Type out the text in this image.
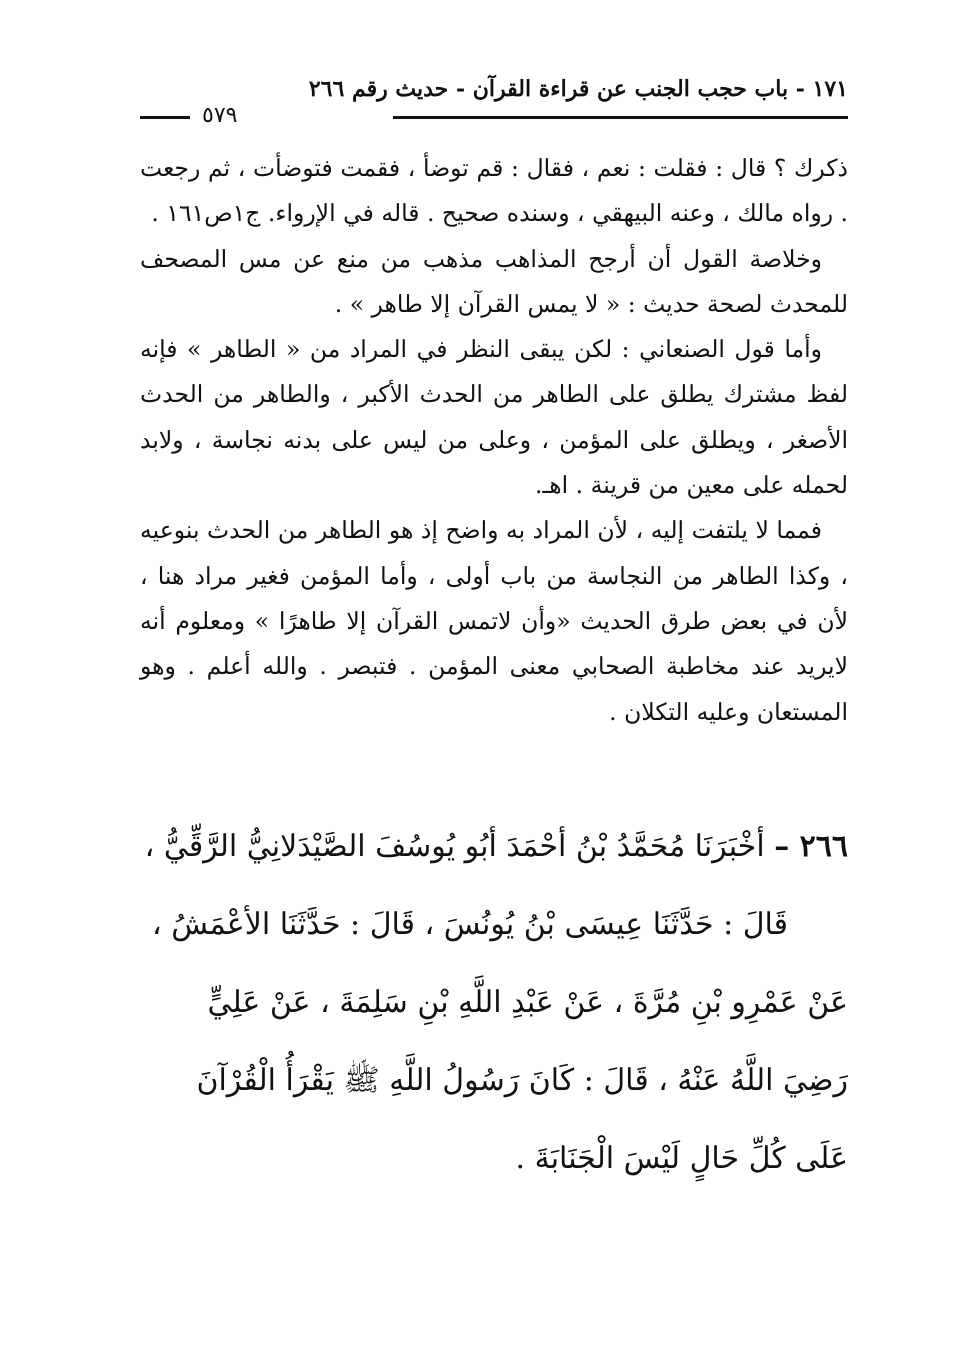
١٧١ - باب حجب الجنب عن قراءة القرآن - حديث رقم ٢٦٦
٥٧٩

ذكرك ؟ قال : فقلت : نعم ، فقال : قم توضأ ، فقمت فتوضأت ، ثم رجعت . رواه مالك ، وعنه البيهقي ، وسنده صحيح . قاله في الإرواء. ج١ص١٦١ .

وخلاصة القول أن أرجح المذاهب مذهب من منع عن مس المصحف للمحدث لصحة حديث : « لا يمس القرآن إلا طاهر » .

وأما قول الصنعاني : لكن يبقى النظر في المراد من « الطاهر » فإنه لفظ مشترك يطلق على الطاهر من الحدث الأكبر ، والطاهر من الحدث الأصغر ، ويطلق على المؤمن ، وعلى من ليس على بدنه نجاسة ، ولابد لحمله على معين من قرينة . اهـ.

فمما لا يلتفت إليه ، لأن المراد به واضح إذ هو الطاهر من الحدث بنوعيه ، وكذا الطاهر من النجاسة من باب أولى ، وأما المؤمن فغير مراد هنا ، لأن في بعض طرق الحديث «وأن لاتمس القرآن إلا طاهرًا » ومعلوم أنه لايريد عند مخاطبة الصحابي معنى المؤمن . فتبصر . والله أعلم . وهو المستعان وعليه التكلان .

٢٦٦ – أخْبَرَنَا مُحَمَّدُ بْنُ أحْمَدَ أبُو يُوسُفَ الصَّيْدَلانِيُّ الرَّقِّيُّ ،
قَالَ : حَدَّثَنَا عِيسَى بْنُ يُونُسَ ، قَالَ : حَدَّثَنَا الأعْمَشُ ،
عَنْ عَمْرِو بْنِ مُرَّةَ ، عَنْ عَبْدِ اللَّهِ بْنِ سَلِمَةَ ، عَنْ عَلِيٍّ
رَضِيَ اللَّهُ عَنْهُ ، قَالَ : كَانَ رَسُولُ اللَّهِ ﷺ يَقْرَأُ الْقُرْآنَ
عَلَى كُلِّ حَالٍ لَيْسَ الْجَنَابَةَ .
